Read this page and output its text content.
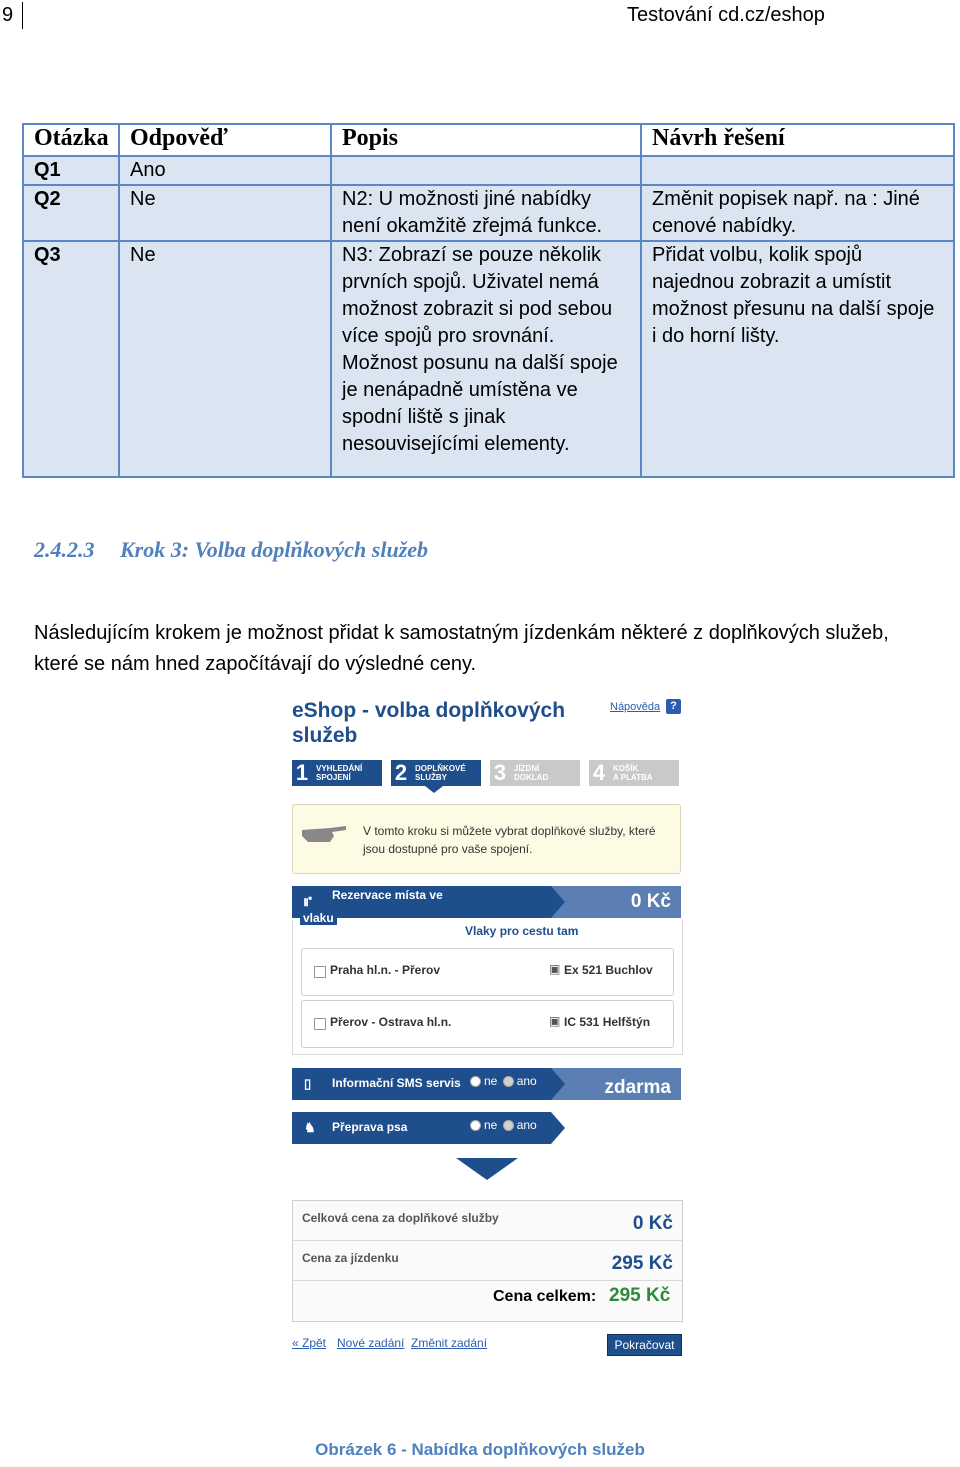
9	Testování cd.cz/eshop
Otázka	Odpověď	Popis	Návrh řešení
Q1	Ano		
Q2	Ne	N2: U možnosti jiné nabídky není okamžitě zřejmá funkce.	Změnit popisek např. na : Jiné cenové nabídky.
Q3	Ne	N3: Zobrazí se pouze několik prvních spojů. Uživatel nemá možnost zobrazit si pod sebou více spojů pro srovnání. Možnost posunu na další spoje je nenápadně umístěna ve spodní liště s jinak nesouvisejícími elementy.	Přidat volbu, kolik spojů najednou zobrazit a umístit možnost přesunu na další spoje i do horní lišty.
2.4.2.3 Krok 3: Volba doplňkových služeb
Následujícím krokem je možnost přidat k samostatným jízdenkám některé z doplňkových služeb, které se nám hned započítávají do výsledné ceny.
eShop - volba doplňkových služeb
Nápověda ?
1 VYHLEDÁNÍ
SPOJENÍ	2 DOPLŇKOVÉ
SLUŽBY	3 JÍZDNÍ
DOKLAD 4 KOŠÍK
A PLATBA
V tomto kroku si můžete vybrat doplňkové služby, které jsou dostupné pro vaše spojení.
⑈	Rezervace místa ve	0 Kč
vlaku
Vlaky pro cestu tam
Praha hl.n. - Přerov	▣ Ex 521 Buchlov
Přerov - Ostrava hl.n.	▣ IC 531 Helfštýn
▯	Informační SMS servis	ne ano	zdarma
♞ Přeprava psa	ne ano
Celková cena za doplňkové služby	0 Kč
Cena za jízdenku	295 Kč
Cena celkem: 295 Kč
« Zpět Nové zadání Změnit zadání	Pokračovat
Obrázek 6 - Nabídka doplňkových služeb
